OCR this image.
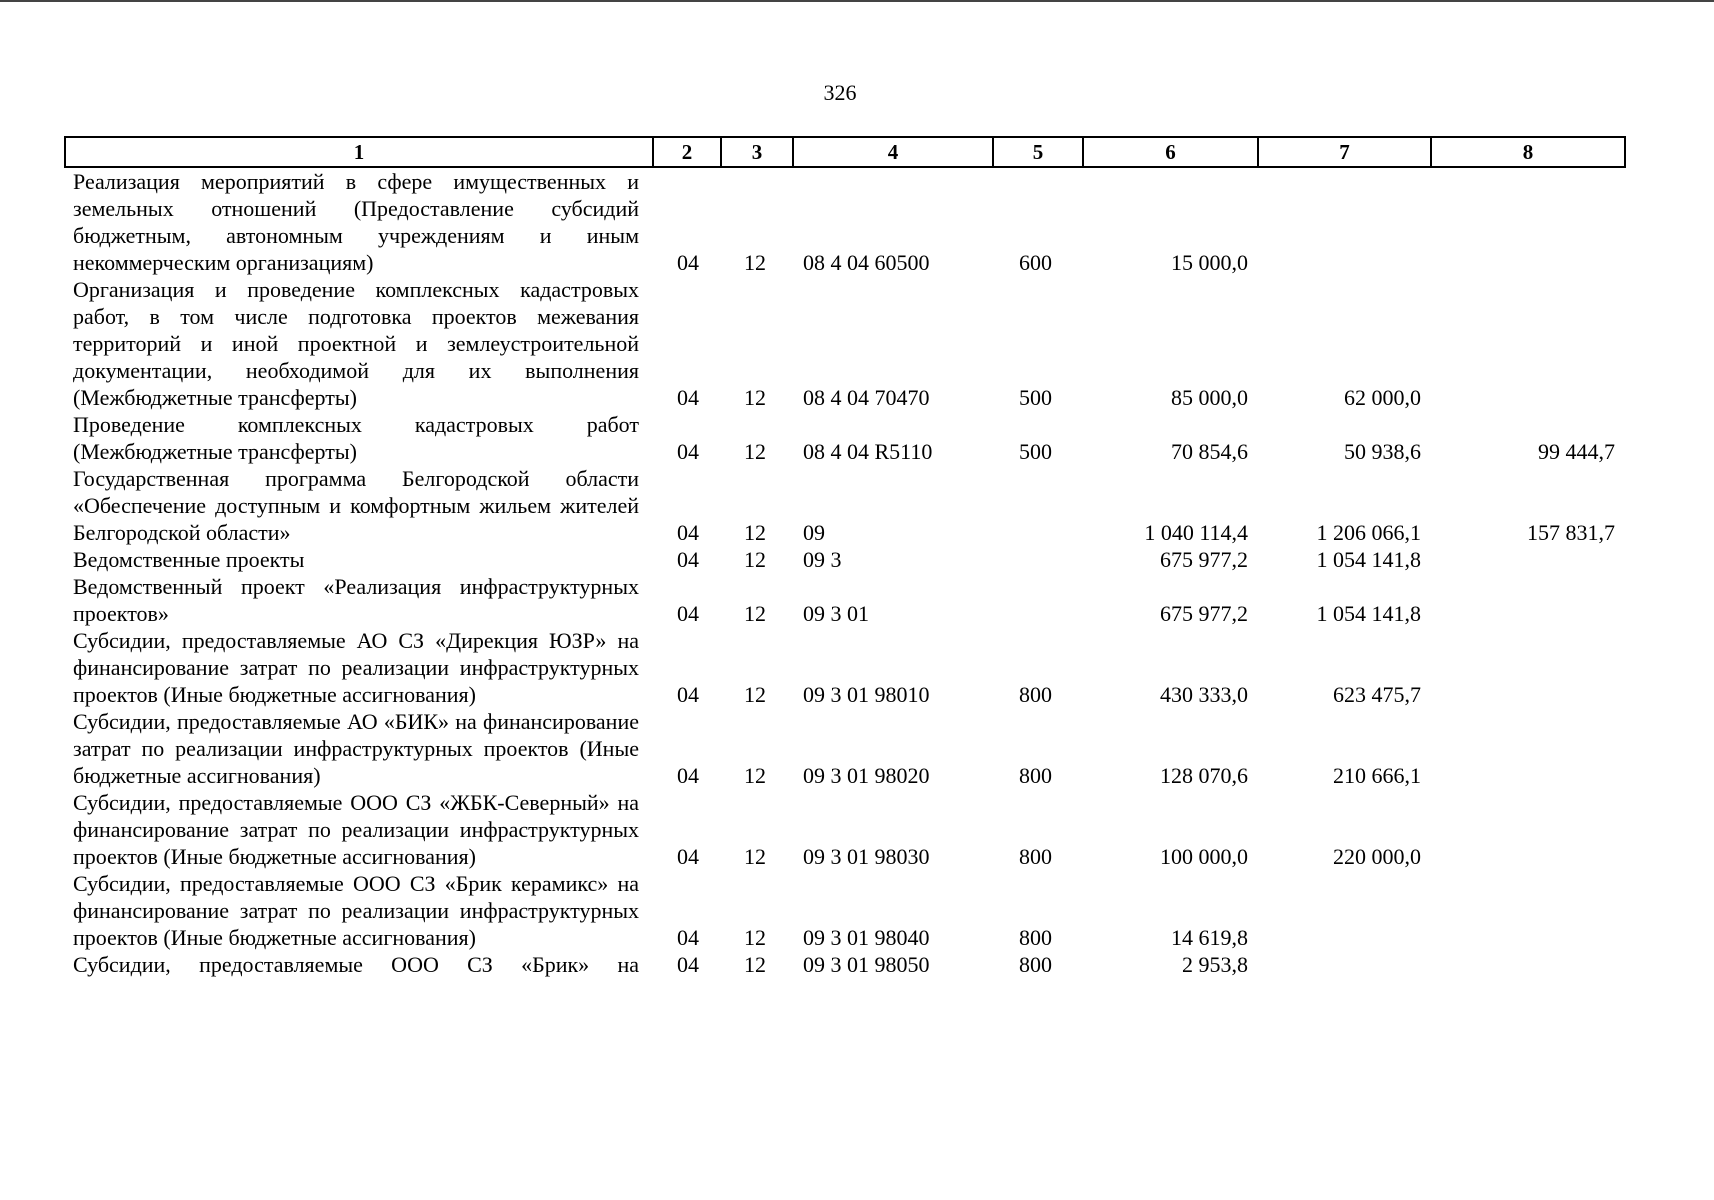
326
1	2	3	4	5	6	7	8
Реализация мероприятий в сфере имущественных и земельных отношений (Предоставление субсидий бюджетным, автономным учреждениям и иным некоммерческим организациям)	04	12	08 4 04 60500	600	15 000,0		
Организация и проведение комплексных кадастровых работ, в том числе подготовка проектов межевания территорий и иной проектной и землеустроительной документации, необходимой для их выполнения (Межбюджетные трансферты)	04	12	08 4 04 70470	500	85 000,0	62 000,0	
Проведение комплексных кадастровых работ (Межбюджетные трансферты)	04	12	08 4 04 R5110	500	70 854,6	50 938,6	99 444,7
Государственная программа Белгородской области «Обеспечение доступным и комфортным жильем жителей Белгородской области»	04	12	09		1 040 114,4	1 206 066,1	157 831,7
Ведомственные проекты	04	12	09 3		675 977,2	1 054 141,8	
Ведомственный проект «Реализация инфраструктурных проектов»	04	12	09 3 01		675 977,2	1 054 141,8	
Субсидии, предоставляемые АО СЗ «Дирекция ЮЗР» на финансирование затрат по реализации инфраструктурных проектов (Иные бюджетные ассигнования)	04	12	09 3 01 98010	800	430 333,0	623 475,7	
Субсидии, предоставляемые АО «БИК» на финансирование затрат по реализации инфраструктурных проектов (Иные бюджетные ассигнования)	04	12	09 3 01 98020	800	128 070,6	210 666,1	
Субсидии, предоставляемые ООО СЗ «ЖБК-Северный» на финансирование затрат по реализации инфраструктурных проектов (Иные бюджетные ассигнования)	04	12	09 3 01 98030	800	100 000,0	220 000,0	
Субсидии, предоставляемые ООО СЗ «Брик керамикс» на финансирование затрат по реализации инфраструктурных проектов (Иные бюджетные ассигнования)	04	12	09 3 01 98040	800	14 619,8		
Субсидии, предоставляемые ООО СЗ «Брик» на	04	12	09 3 01 98050	800	2 953,8		
